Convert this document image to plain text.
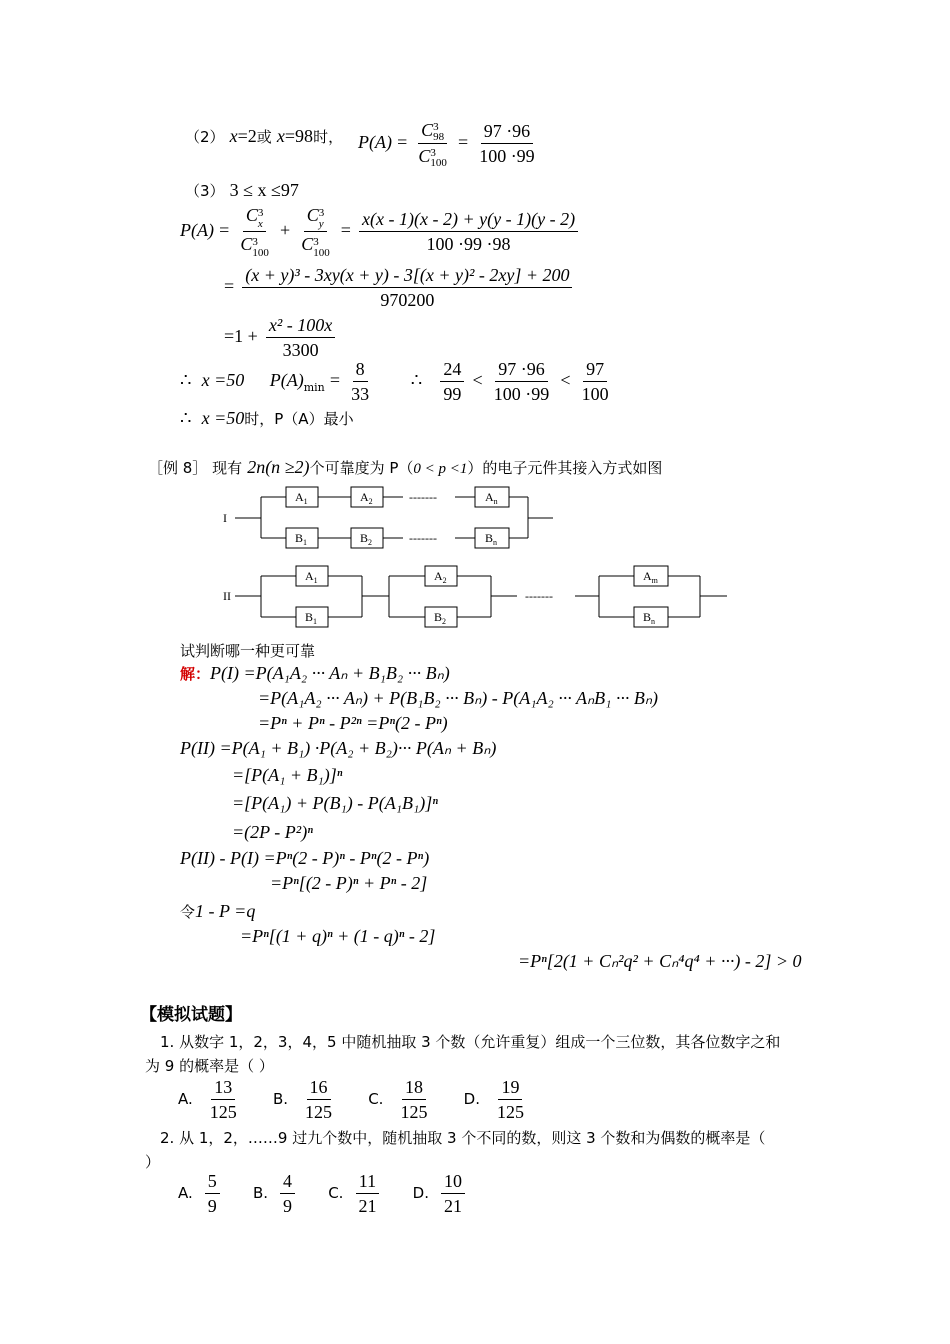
（2） x=2或 x=98时， P(A) = C 3
98
C 3
$100 = \frac{97 \cdot 96}{100 \cdot 99}$
（3） 3 ≤ x ≤97
P(A) = C 3
x
C 3
100 + C 3
y
C 3
$100 = \frac{x(x - 1)(x - 2) + y(y - 1)(y - 2)}{100 \cdot 99 \cdot 98}$
= $\frac{\text{(x + y)³ - 3xy(x + y) - 3[(x + y)² - 2xy] + 200}}{970200}$
$=1 + \frac{\text{x² - 100x}}{3300}$
∴ x =50 $P(A)_{min} = \frac{8}{33}$ ∴ $\frac{24}{99} < \frac{97 \cdot 96}{100 \cdot 99} < \frac{97}{100}$
∴ x =50时，P（A）最小
［例 8］ 现有 2n(n ≥2)个可靠度为 P（0 < p <1）的电子元件其接入方式如图
I
II
$A_1$	$A_2$	$A_n$
$B_1$	$B_2$	$B_n$
-------
-------
$A_1$
$B_1$
$A_2$
$B_2$
-------
$A_m$
$B_n$
试判断哪一种更可靠
解：P(I) =P(A₁A₂ ··· Aₙ + B₁B₂ ··· Bₙ)
=P(A₁A₂ ··· Aₙ) + P(B₁B₂ ··· Bₙ) - P(A₁A₂ ··· AₙB₁ ··· Bₙ)
=Pⁿ + Pⁿ - P²ⁿ =Pⁿ(2 - Pⁿ)
P(II) =P(A₁ + B₁) ·P(A₂ + B₂)··· P(Aₙ + Bₙ)
=[P(A₁ + B₁)]ⁿ
=[P(A₁) + P(B₁) - P(A₁B₁)]ⁿ
=(2P - P²)ⁿ
P(II) - P(I) =Pⁿ(2 - P)ⁿ - Pⁿ(2 - Pⁿ)
=Pⁿ[(2 - P)ⁿ + Pⁿ - 2]
令1 - P =q
=Pⁿ[(1 + q)ⁿ + (1 - q)ⁿ - 2]
=Pⁿ[2(1 + Cₙ²q² + Cₙ⁴q⁴ + ···) - 2] > 0
【模拟试题】
1. 从数字 1，2，3，4，5 中随机抽取 3 个数（允许重复）组成一个三位数，其各位数字之和
为 9 的概率是（ ）
A. $\frac{13}{125} B$. $\frac{16}{125} C$. $\frac{18}{125} D$. $\frac{19}{125}$
2. 从 1，2，……9 过九个数中，随机抽取 3 个不同的数，则这 3 个数和为偶数的概率是（
）
A. $\frac{5}{9} B$. $\frac{4}{9} C$. $\frac{11}{21} D$. $\frac{10}{21}$
